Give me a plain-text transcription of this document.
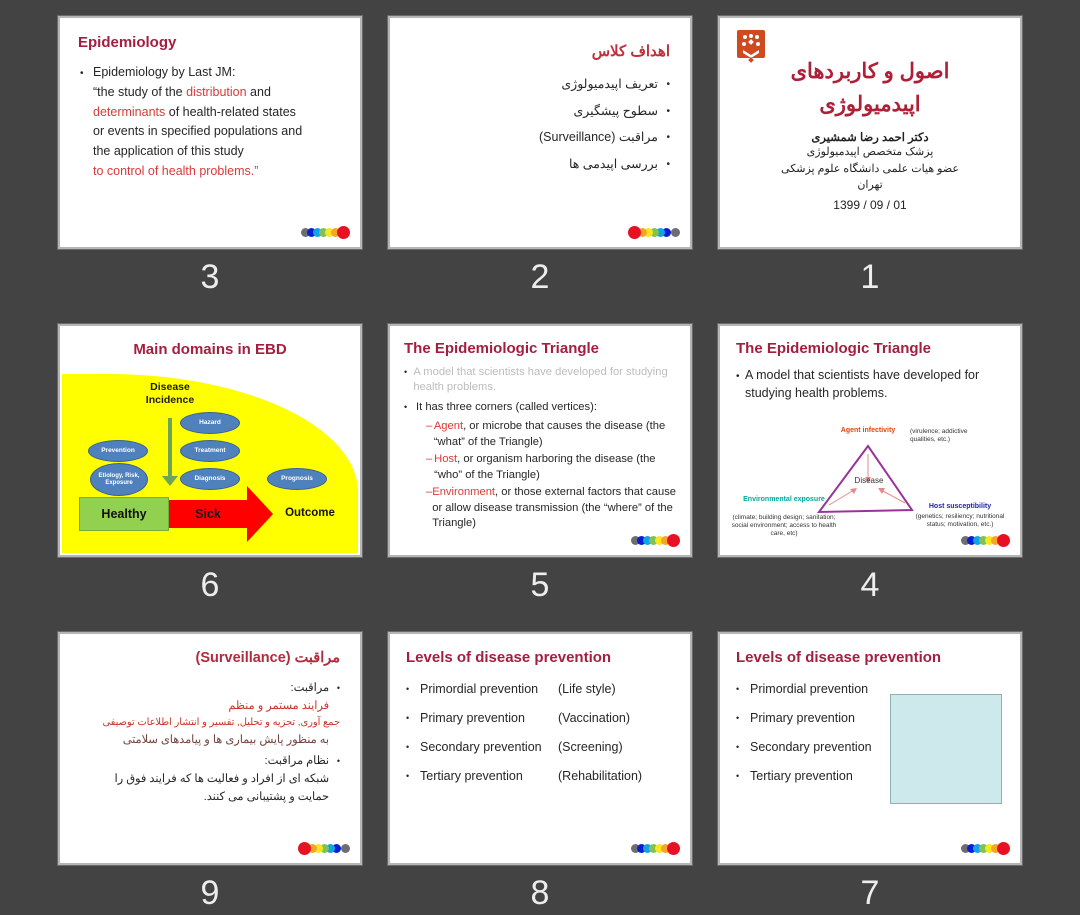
Epidemiology
• Epidemiology by Last JM:
“the study of the distribution and
determinants of health-related states
or events in specified populations and
the application of this study
to control of health problems.”
3
اهداف کلاس
•
تعریف اپیدمیولوژی
•
سطوح پیشگیری
•
مراقبت (Surveillance)
•
بررسی اپیدمی ها
2
اصول و کاربردهای
اپیدمیولوژی
دکتر احمد رضا شمشیری
پزشک متخصص اپیدمیولوژی
عضو هیات علمی دانشگاه علوم پزشکی
تهران
1399 / 09 / 01
1
Main domains in EBD
Disease Incidence
Prevention
Etiology, Risk, Exposure
Hazard
Treatment
Diagnosis	Prognosis
Healthy	Sick	Outcome
6
The Epidemiologic Triangle
• A model that scientists have developed for studying health problems.
• It has three corners (called vertices):
– Agent, or microbe that causes the disease (the “what” of the Triangle)
– Host, or organism harboring the disease (the “who” of the Triangle)
– Environment, or those external factors that cause or allow disease transmission (the “where” of the Triangle)
5
The Epidemiologic Triangle
• A model that scientists have developed for studying health problems.
Disease
Agent infectivity	(virulence; addictive qualities, etc.)
Environmental exposure
(climate; building design; sanitation; social environment; access to health care, etc)
Host susceptibility
(genetics; resiliency; nutritional status; motivation, etc.)
4
مراقبت (Surveillance)
•
مراقبت:
فرایند مستمر و منظم
جمع آوری, تجزیه و تحلیل, تفسیر و انتشار اطلاعات توصیفی
به منظور پایش بیماری ها و پیامدهای سلامتی
•
نظام مراقبت:
شبکه ای از افراد و فعالیت ها که فرایند فوق را
حمایت و پشتیبانی می کنند.
9
Levels of disease prevention
• Primordial prevention	(Life style)
• Primary prevention	(Vaccination)
• Secondary prevention	(Screening)
• Tertiary prevention	(Rehabilitation)
8
Levels of disease prevention
• Primordial prevention
• Primary prevention
• Secondary prevention
• Tertiary prevention
7
